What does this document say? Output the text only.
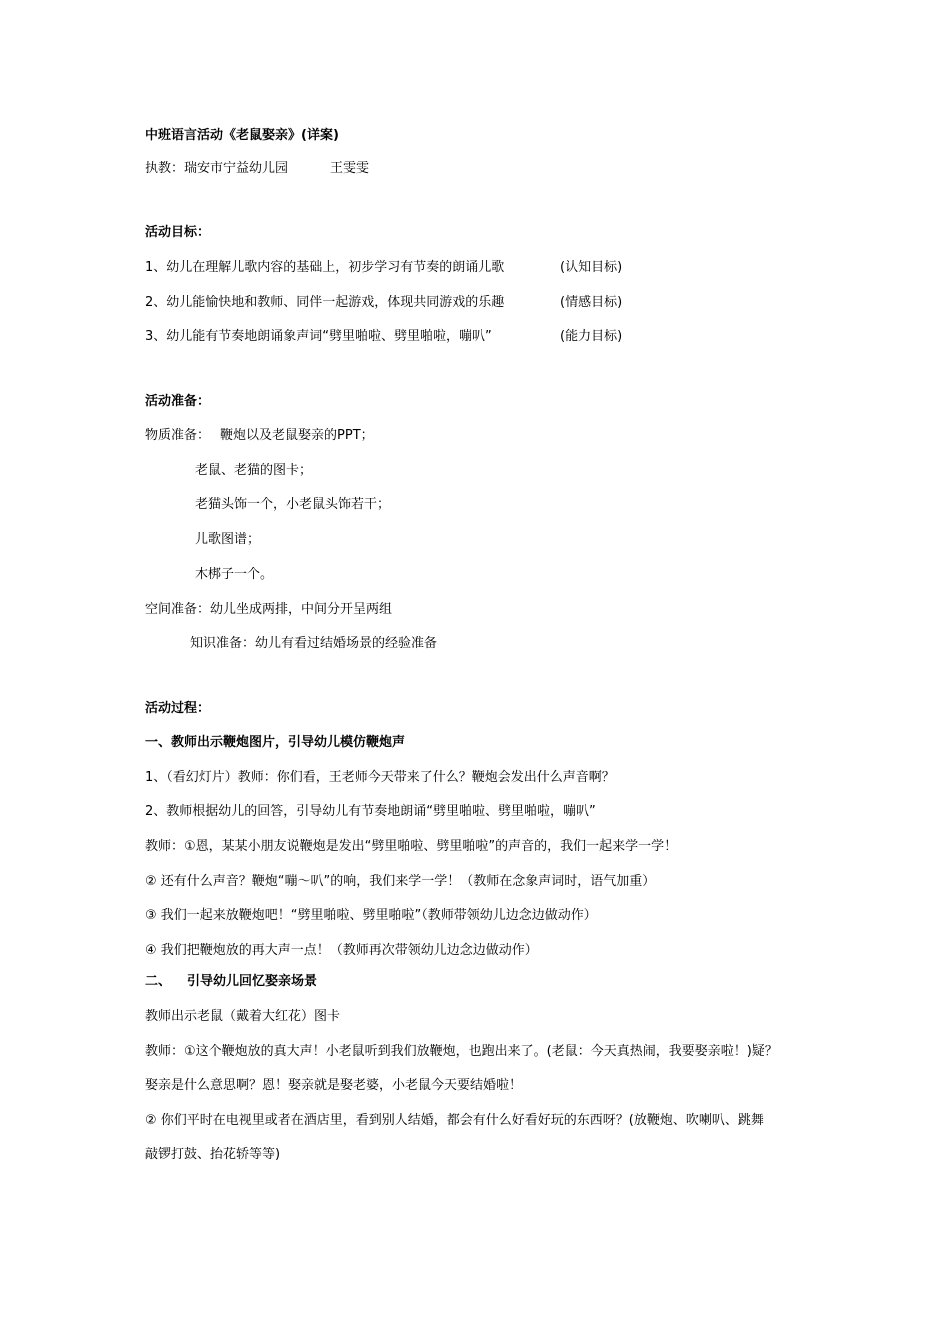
中班语言活动《老鼠娶亲》(详案)
执教：瑞安市宁益幼儿园	王雯雯
活动目标：
1、幼儿在理解儿歌内容的基础上，初步学习有节奏的朗诵儿歌	(认知目标)
2、幼儿能愉快地和教师、同伴一起游戏，体现共同游戏的乐趣	(情感目标)
3、幼儿能有节奏地朗诵象声词“劈里啪啦、劈里啪啦，嘣叭”	(能力目标)
活动准备：
物质准备： 鞭炮以及老鼠娶亲的PPT；
老鼠、老猫的图卡；
老猫头饰一个，小老鼠头饰若干；
儿歌图谱；
木梆子一个。
空间准备：幼儿坐成两排，中间分开呈两组
知识准备：幼儿有看过结婚场景的经验准备
活动过程：
一、教师出示鞭炮图片，引导幼儿模仿鞭炮声
1、（看幻灯片）教师：你们看，王老师今天带来了什么？鞭炮会发出什么声音啊？
2、教师根据幼儿的回答，引导幼儿有节奏地朗诵“劈里啪啦、劈里啪啦，嘣叭”
教师：①恩，某某小朋友说鞭炮是发出“劈里啪啦、劈里啪啦”的声音的，我们一起来学一学！
② 还有什么声音？鞭炮“嘣～叭”的响，我们来学一学！（教师在念象声词时，语气加重）
③ 我们一起来放鞭炮吧！“劈里啪啦、劈里啪啦”（教师带领幼儿边念边做动作）
④ 我们把鞭炮放的再大声一点！（教师再次带领幼儿边念边做动作）
二、 引导幼儿回忆娶亲场景
教师出示老鼠（戴着大红花）图卡
教师：①这个鞭炮放的真大声！小老鼠听到我们放鞭炮，也跑出来了。(老鼠：今天真热闹，我要娶亲啦！)疑？
娶亲是什么意思啊？恩！娶亲就是娶老婆，小老鼠今天要结婚啦！
② 你们平时在电视里或者在酒店里，看到别人结婚，都会有什么好看好玩的东西呀？(放鞭炮、吹喇叭、跳舞
敲锣打鼓、抬花轿等等)
